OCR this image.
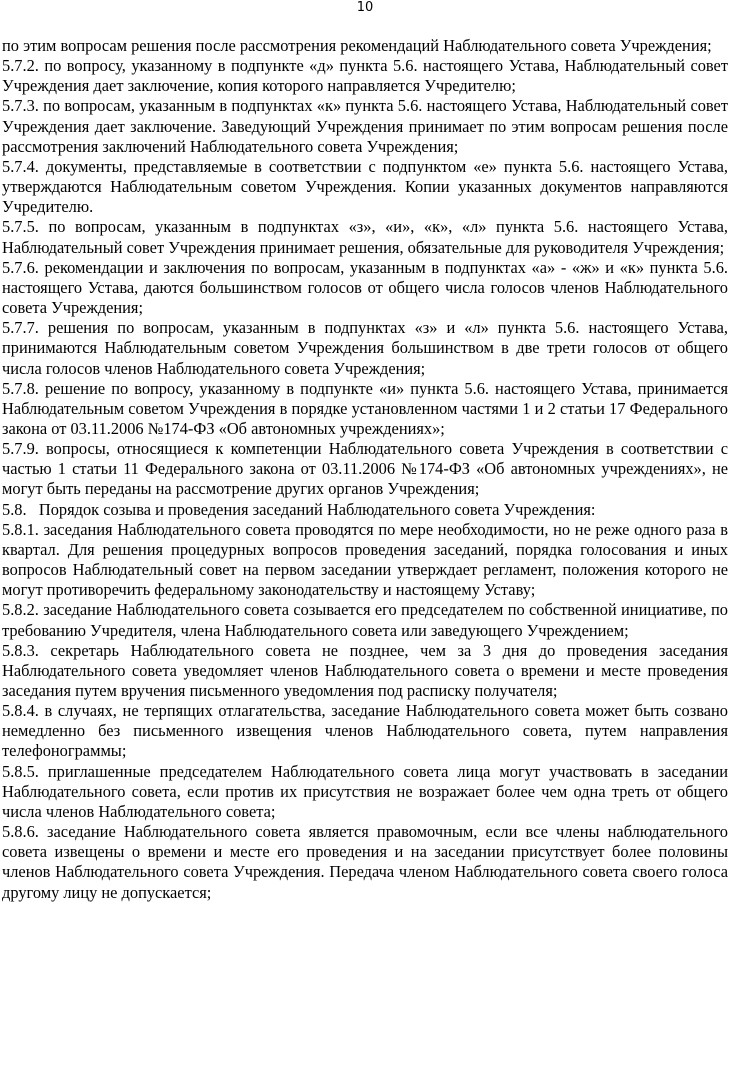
10

по этим вопросам решения после рассмотрения рекомендаций Наблюдательного совета Учреждения;

5.7.2. по вопросу, указанному в подпункте «д» пункта 5.6. настоящего Устава, Наблюдательный совет Учреждения дает заключение, копия которого направляется Учредителю;

5.7.3. по вопросам, указанным в подпунктах «к» пункта 5.6. настоящего Устава, Наблюдательный совет Учреждения дает заключение. Заведующий Учреждения принимает по этим вопросам решения после рассмотрения заключений Наблюдательного совета Учреждения;

5.7.4. документы, представляемые в соответствии с подпунктом «е» пункта 5.6. настоящего Устава, утверждаются Наблюдательным советом Учреждения. Копии указанных документов направляются Учредителю.

5.7.5. по вопросам, указанным в подпунктах «з», «и», «к», «л» пункта 5.6. настоящего Устава, Наблюдательный совет Учреждения принимает решения, обязательные для руководителя Учреждения;

5.7.6. рекомендации и заключения по вопросам, указанным в подпунктах «а» - «ж» и «к» пункта 5.6. настоящего Устава, даются большинством голосов от общего числа голосов членов Наблюдательного совета Учреждения;

5.7.7. решения по вопросам, указанным в подпунктах «з» и «л» пункта 5.6. настоящего Устава, принимаются Наблюдательным советом Учреждения большинством в две трети голосов от общего числа голосов членов Наблюдательного совета Учреждения;

5.7.8. решение по вопросу, указанному в подпункте «и» пункта 5.6. настоящего Устава, принимается Наблюдательным советом Учреждения в порядке установленном частями 1 и 2 статьи 17 Федерального закона от 03.11.2006 №174-ФЗ «Об автономных учреждениях»;

5.7.9. вопросы, относящиеся к компетенции Наблюдательного совета Учреждения в соответствии с частью 1 статьи 11 Федерального закона от 03.11.2006 №174-ФЗ «Об автономных учреждениях», не могут быть переданы на рассмотрение других органов Учреждения;

5.8.   Порядок созыва и проведения заседаний Наблюдательного совета Учреждения:

5.8.1. заседания Наблюдательного совета проводятся по мере необходимости, но не реже одного раза в квартал. Для решения процедурных вопросов проведения заседаний, порядка голосования и иных вопросов Наблюдательный совет на первом заседании утверждает регламент, положения которого не могут противоречить федеральному законодательству и настоящему Уставу;

5.8.2. заседание Наблюдательного совета созывается его председателем по собственной инициативе, по требованию Учредителя, члена Наблюдательного совета или заведующего Учреждением;

5.8.3. секретарь Наблюдательного совета не позднее, чем за 3 дня до проведения заседания Наблюдательного совета уведомляет членов Наблюдательного совета о времени и месте проведения заседания путем вручения письменного уведомления под расписку получателя;

5.8.4. в случаях, не терпящих отлагательства, заседание Наблюдательного совета может быть созвано немедленно без письменного извещения членов Наблюдательного совета, путем направления телефонограммы;

5.8.5. приглашенные председателем Наблюдательного совета лица могут участвовать в заседании Наблюдательного совета, если против их присутствия не возражает более чем одна треть от общего числа членов Наблюдательного совета;

5.8.6. заседание Наблюдательного совета является правомочным, если все члены наблюдательного совета извещены о времени и месте его проведения и на заседании присутствует более половины членов Наблюдательного совета Учреждения. Передача членом Наблюдательного совета своего голоса другому лицу не допускается;
